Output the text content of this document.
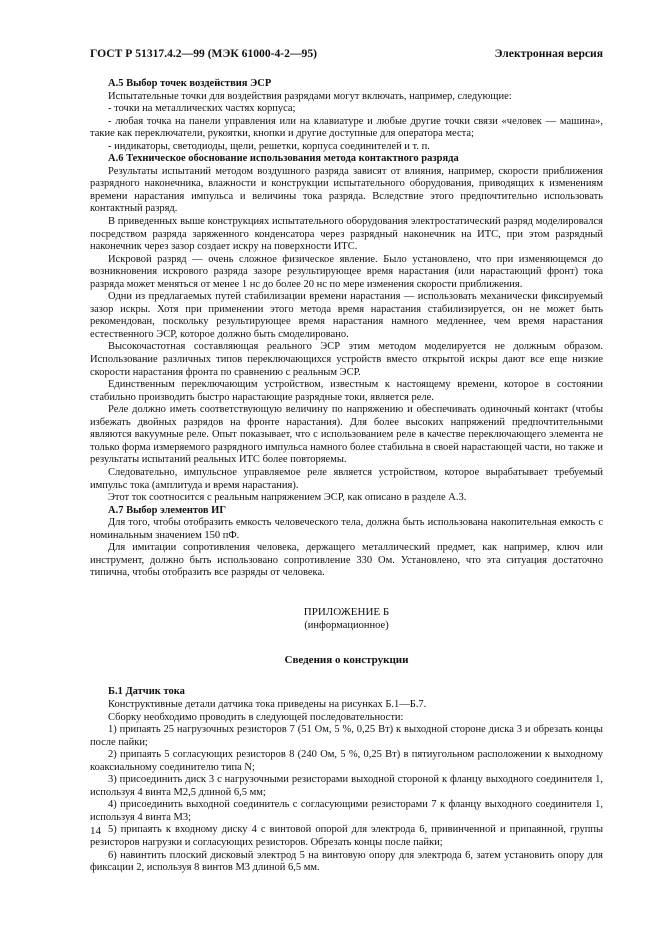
ГОСТ Р 51317.4.2—99 (МЭК 61000-4-2—95)	Электронная версия

А.5 Выбор точек воздействия ЭСР

Испытательные точки для воздействия разрядами могут включать, например, следующие:

- точки на металлических частях корпуса;

- любая точка на панели управления или на клавиатуре и любые другие точки связи «человек — машина», такие как переключатели, рукоятки, кнопки и другие доступные для оператора места;

- индикаторы, светодиоды, щели, решетки, корпуса соединителей и т. п.

А.6 Техническое обоснование использования метода контактного разряда

Результаты испытаний методом воздушного разряда зависят от влияния, например, скорости приближения разрядного наконечника, влажности и конструкции испытательного оборудования, приводящих к изменениям времени нарастания импульса и величины тока разряда. Вследствие этого предпочтительно использовать контактный разряд.

В приведенных выше конструкциях испытательного оборудования электростатический разряд моделировался посредством разряда заряженного конденсатора через разрядный наконечник на ИТС, при этом разрядный наконечник через зазор создает искру на поверхности ИТС.

Искровой разряд — очень сложное физическое явление. Было установлено, что при изменяющемся до возникновения искрового разряда зазоре результирующее время нарастания (или нарастающий фронт) тока разряда может меняться от менее 1 нс до более 20 нс по мере изменения скорости приближения.

Одни из предлагаемых путей стабилизации времени нарастания — использовать механически фиксируемый зазор искры. Хотя при применении этого метода время нарастания стабилизируется, он не может быть рекомендован, поскольку результирующее время нарастания намного медленнее, чем время нарастания естественного ЭСР, которое должно быть смоделировано.

Высокочастотная составляющая реального ЭСР этим методом моделируется не должным образом. Использование различных типов переключающихся устройств вместо открытой искры дают все еще низкие скорости нарастания фронта по сравнению с реальным ЭСР.

Единственным переключающим устройством, известным к настоящему времени, которое в состоянии стабильно производить быстро нарастающие разрядные токи, является реле.

Реле должно иметь соответствующую величину по напряжению и обеспечивать одиночный контакт (чтобы избежать двойных разрядов на фронте нарастания). Для более высоких напряжений предпочтительными являются вакуумные реле. Опыт показывает, что с использованием реле в качестве переключающего элемента не только форма измеряемого разрядного импульса намного более стабильна в своей нарастающей части, но также и результаты испытаний реальных ИТС более повторяемы.

Следовательно, импульсное управляемое реле является устройством, которое вырабатывает требуемый импульс тока (амплитуда и время нарастания).

Этот ток соотносится с реальным напряжением ЭСР, как описано в разделе А.3.

А.7 Выбор элементов ИГ

Для того, чтобы отобразить емкость человеческого тела, должна быть использована накопительная емкость с номинальным значением 150 пФ.

Для имитации сопротивления человека, держащего металлический предмет, как например, ключ или инструмент, должно быть использовано сопротивление 330 Ом. Установлено, что эта ситуация достаточно типична, чтобы отобразить все разряды от человека.

ПРИЛОЖЕНИЕ Б

(информационное)

Сведения о конструкции

Б.1 Датчик тока

Конструктивные детали датчика тока приведены на рисунках Б.1—Б.7.

Сборку необходимо проводить в следующей последовательности:

1) припаять 25 нагрузочных резисторов 7 (51 Ом, 5 %, 0,25 Вт) к выходной стороне диска 3 и обрезать концы после пайки;

2) припаять 5 согласующих резисторов 8 (240 Ом, 5 %, 0,25 Вт) в пятиугольном расположении к выходному коаксиальному соединителю типа N;

3) присоединить диск 3 с нагрузочными резисторами выходной стороной к фланцу выходного соединителя 1, используя 4 винта М2,5 длиной 6,5 мм;

4) присоединить выходной соединитель с согласующими резисторами 7 к фланцу выходного соединителя 1, используя 4 винта М3;

5) припаять к входному диску 4 с винтовой опорой для электрода 6, привинченной и припаянной, группы резисторов нагрузки и согласующих резисторов. Обрезать концы после пайки;

6) навинтить плоский дисковый электрод 5 на винтовую опору для электрода 6, затем установить опору для фиксации 2, используя 8 винтов М3 длиной 6,5 мм.

14
